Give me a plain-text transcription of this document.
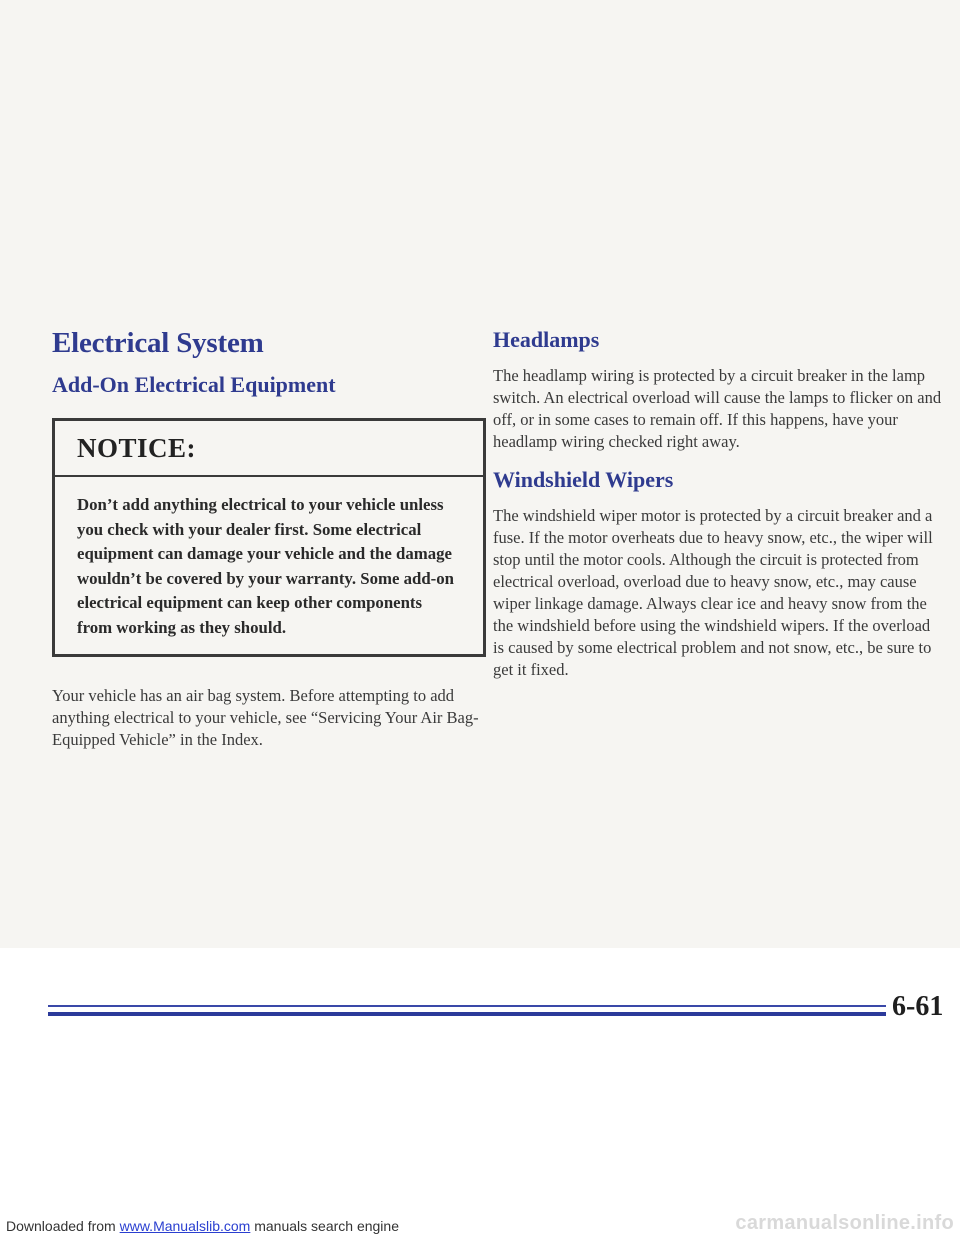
Electrical System
Add-On Electrical Equipment
NOTICE:
Don’t add anything electrical to your vehicle unless you check with your dealer first. Some electrical equipment can damage your vehicle and the damage wouldn’t be covered by your warranty. Some add-on electrical equipment can keep other components from working as they should.

Your vehicle has an air bag system. Before attempting to add anything electrical to your vehicle, see “Servicing Your Air Bag-Equipped Vehicle” in the Index.

Headlamps

The headlamp wiring is protected by a circuit breaker in the lamp switch. An electrical overload will cause the lamps to flicker on and off, or in some cases to remain off. If this happens, have your headlamp wiring checked right away.

Windshield Wipers

The windshield wiper motor is protected by a circuit breaker and a fuse. If the motor overheats due to heavy snow, etc., the wiper will stop until the motor cools. Although the circuit is protected from electrical overload, overload due to heavy snow, etc., may cause wiper linkage damage. Always clear ice and heavy snow from the the windshield before using the windshield wipers. If the overload is caused by some electrical problem and not snow, etc., be sure to get it fixed.

6-61
Downloaded from www.Manualslib.com manuals search engine	carmanualsonline.info
